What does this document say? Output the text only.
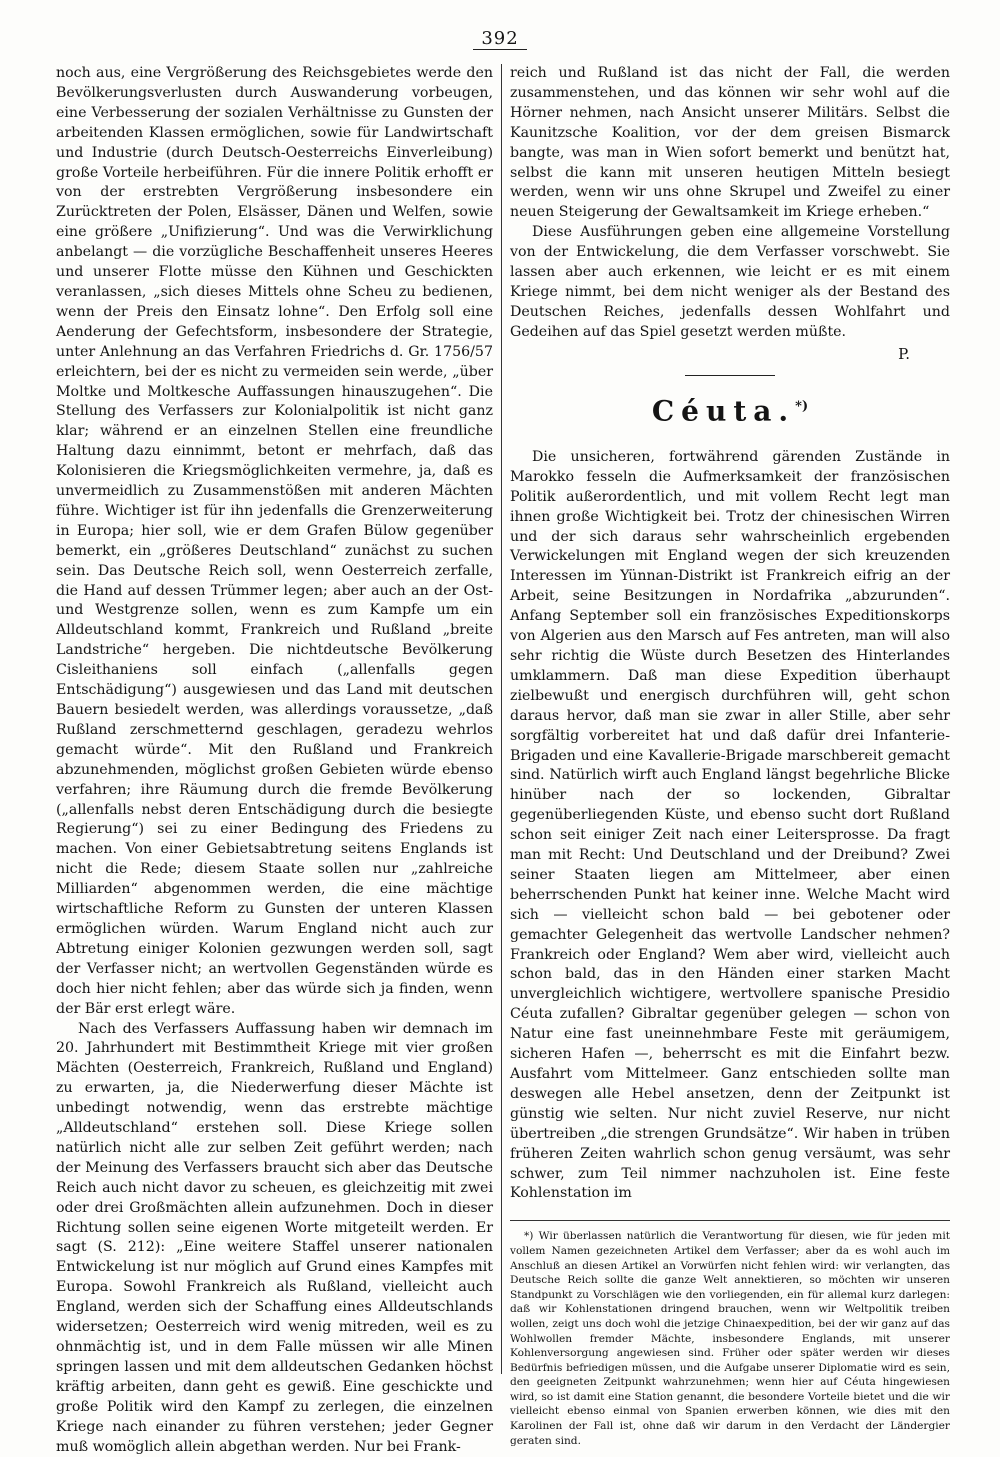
392

noch aus, eine Vergrößerung des Reichsgebietes werde den Bevölkerungsverlusten durch Auswanderung vorbeugen, eine Verbesserung der sozialen Verhältnisse zu Gunsten der arbeitenden Klassen ermöglichen, sowie für Landwirtschaft und Industrie (durch Deutsch-Oesterreichs Einverleibung) große Vorteile herbeiführen. Für die innere Politik erhofft er von der erstrebten Vergrößerung insbesondere ein Zurücktreten der Polen, Elsässer, Dänen und Welfen, sowie eine größere „Unifizierung“. Und was die Verwirklichung anbelangt — die vorzügliche Beschaffenheit unseres Heeres und unserer Flotte müsse den Kühnen und Geschickten veranlassen, „sich dieses Mittels ohne Scheu zu bedienen, wenn der Preis den Einsatz lohne“. Den Erfolg soll eine Aenderung der Gefechtsform, insbesondere der Strategie, unter Anlehnung an das Verfahren Friedrichs d. Gr. 1756/57 erleichtern, bei der es nicht zu vermeiden sein werde, „über Moltke und Moltkesche Auffassungen hinauszugehen“. Die Stellung des Verfassers zur Kolonialpolitik ist nicht ganz klar; während er an einzelnen Stellen eine freundliche Haltung dazu einnimmt, betont er mehrfach, daß das Kolonisieren die Kriegsmöglichkeiten vermehre, ja, daß es unvermeidlich zu Zusammenstößen mit anderen Mächten führe. Wichtiger ist für ihn jedenfalls die Grenzerweiterung in Europa; hier soll, wie er dem Grafen Bülow gegenüber bemerkt, ein „größeres Deutschland“ zunächst zu suchen sein. Das Deutsche Reich soll, wenn Oesterreich zerfalle, die Hand auf dessen Trümmer legen; aber auch an der Ost- und Westgrenze sollen, wenn es zum Kampfe um ein Alldeutschland kommt, Frankreich und Rußland „breite Landstriche“ hergeben. Die nichtdeutsche Bevölkerung Cisleithaniens soll einfach („allenfalls gegen Entschädigung“) ausgewiesen und das Land mit deutschen Bauern besiedelt werden, was allerdings voraussetze, „daß Rußland zerschmetternd geschlagen, geradezu wehrlos gemacht würde“. Mit den Rußland und Frankreich abzunehmenden, möglichst großen Gebieten würde ebenso verfahren; ihre Räumung durch die fremde Bevölkerung („allenfalls nebst deren Entschädigung durch die besiegte Regierung“) sei zu einer Bedingung des Friedens zu machen. Von einer Gebietsabtretung seitens Englands ist nicht die Rede; diesem Staate sollen nur „zahlreiche Milliarden“ abgenommen werden, die eine mächtige wirtschaftliche Reform zu Gunsten der unteren Klassen ermöglichen würden. Warum England nicht auch zur Abtretung einiger Kolonien gezwungen werden soll, sagt der Verfasser nicht; an wertvollen Gegenständen würde es doch hier nicht fehlen; aber das würde sich ja finden, wenn der Bär erst erlegt wäre.

Nach des Verfassers Auffassung haben wir demnach im 20. Jahrhundert mit Bestimmtheit Kriege mit vier großen Mächten (Oesterreich, Frankreich, Rußland und England) zu erwarten, ja, die Niederwerfung dieser Mächte ist unbedingt notwendig, wenn das erstrebte mächtige „Alldeutschland“ erstehen soll. Diese Kriege sollen natürlich nicht alle zur selben Zeit geführt werden; nach der Meinung des Verfassers braucht sich aber das Deutsche Reich auch nicht davor zu scheuen, es gleichzeitig mit zwei oder drei Großmächten allein aufzunehmen. Doch in dieser Richtung sollen seine eigenen Worte mitgeteilt werden. Er sagt (S. 212): „Eine weitere Staffel unserer nationalen Entwickelung ist nur möglich auf Grund eines Kampfes mit Europa. Sowohl Frankreich als Rußland, vielleicht auch England, werden sich der Schaffung eines Alldeutschlands widersetzen; Oesterreich wird wenig mitreden, weil es zu ohnmächtig ist, und in dem Falle müssen wir alle Minen springen lassen und mit dem alldeutschen Gedanken höchst kräftig arbeiten, dann geht es gewiß. Eine geschickte und große Politik wird den Kampf zu zerlegen, die einzelnen Kriege nach einander zu führen verstehen; jeder Gegner muß womöglich allein abgethan werden. Nur bei Frank-

reich und Rußland ist das nicht der Fall, die werden zusammenstehen, und das können wir sehr wohl auf die Hörner nehmen, nach Ansicht unserer Militärs. Selbst die Kaunitzsche Koalition, vor der dem greisen Bismarck bangte, was man in Wien sofort bemerkt und benützt hat, selbst die kann mit unseren heutigen Mitteln besiegt werden, wenn wir uns ohne Skrupel und Zweifel zu einer neuen Steigerung der Gewaltsamkeit im Kriege erheben.“

Diese Ausführungen geben eine allgemeine Vorstellung von der Entwickelung, die dem Verfasser vorschwebt. Sie lassen aber auch erkennen, wie leicht er es mit einem Kriege nimmt, bei dem nicht weniger als der Bestand des Deutschen Reiches, jedenfalls dessen Wohlfahrt und Gedeihen auf das Spiel gesetzt werden müßte.

P.
Céuta.*)

Die unsicheren, fortwährend gärenden Zustände in Marokko fesseln die Aufmerksamkeit der französischen Politik außerordentlich, und mit vollem Recht legt man ihnen große Wichtigkeit bei. Trotz der chinesischen Wirren und der sich daraus sehr wahrscheinlich ergebenden Verwickelungen mit England wegen der sich kreuzenden Interessen im Yünnan-Distrikt ist Frankreich eifrig an der Arbeit, seine Besitzungen in Nordafrika „abzurunden“. Anfang September soll ein französisches Expeditionskorps von Algerien aus den Marsch auf Fes antreten, man will also sehr richtig die Wüste durch Besetzen des Hinterlandes umklammern. Daß man diese Expedition überhaupt zielbewußt und energisch durchführen will, geht schon daraus hervor, daß man sie zwar in aller Stille, aber sehr sorgfältig vorbereitet hat und daß dafür drei Infanterie-Brigaden und eine Kavallerie-Brigade marschbereit gemacht sind. Natürlich wirft auch England längst begehrliche Blicke hinüber nach der so lockenden, Gibraltar gegenüberliegenden Küste, und ebenso sucht dort Rußland schon seit einiger Zeit nach einer Leitersprosse. Da fragt man mit Recht: Und Deutschland und der Dreibund? Zwei seiner Staaten liegen am Mittelmeer, aber einen beherrschenden Punkt hat keiner inne. Welche Macht wird sich — vielleicht schon bald — bei gebotener oder gemachter Gelegenheit das wertvolle Landscher nehmen? Frankreich oder England? Wem aber wird, vielleicht auch schon bald, das in den Händen einer starken Macht unvergleichlich wichtigere, wertvollere spanische Presidio Céuta zufallen? Gibraltar gegenüber gelegen — schon von Natur eine fast uneinnehmbare Feste mit geräumigem, sicheren Hafen —, beherrscht es mit die Einfahrt bezw. Ausfahrt vom Mittelmeer. Ganz entschieden sollte man deswegen alle Hebel ansetzen, denn der Zeitpunkt ist günstig wie selten. Nur nicht zuviel Reserve, nur nicht übertreiben „die strengen Grundsätze“. Wir haben in trüben früheren Zeiten wahrlich schon genug versäumt, was sehr schwer, zum Teil nimmer nachzuholen ist. Eine feste Kohlenstation im

*) Wir überlassen natürlich die Verantwortung für diesen, wie für jeden mit vollem Namen gezeichneten Artikel dem Verfasser; aber da es wohl auch im Anschluß an diesen Artikel an Vorwürfen nicht fehlen wird: wir verlangten, das Deutsche Reich sollte die ganze Welt annektieren, so möchten wir unseren Standpunkt zu Vorschlägen wie den vorliegenden, ein für allemal kurz darlegen: daß wir Kohlenstationen dringend brauchen, wenn wir Weltpolitik treiben wollen, zeigt uns doch wohl die jetzige Chinaexpedition, bei der wir ganz auf das Wohlwollen fremder Mächte, insbesondere Englands, mit unserer Kohlenversorgung angewiesen sind. Früher oder später werden wir dieses Bedürfnis befriedigen müssen, und die Aufgabe unserer Diplomatie wird es sein, den geeigneten Zeitpunkt wahrzunehmen; wenn hier auf Céuta hingewiesen wird, so ist damit eine Station genannt, die besondere Vorteile bietet und die wir vielleicht ebenso einmal von Spanien erwerben können, wie dies mit den Karolinen der Fall ist, ohne daß wir darum in den Verdacht der Ländergier geraten sind.
